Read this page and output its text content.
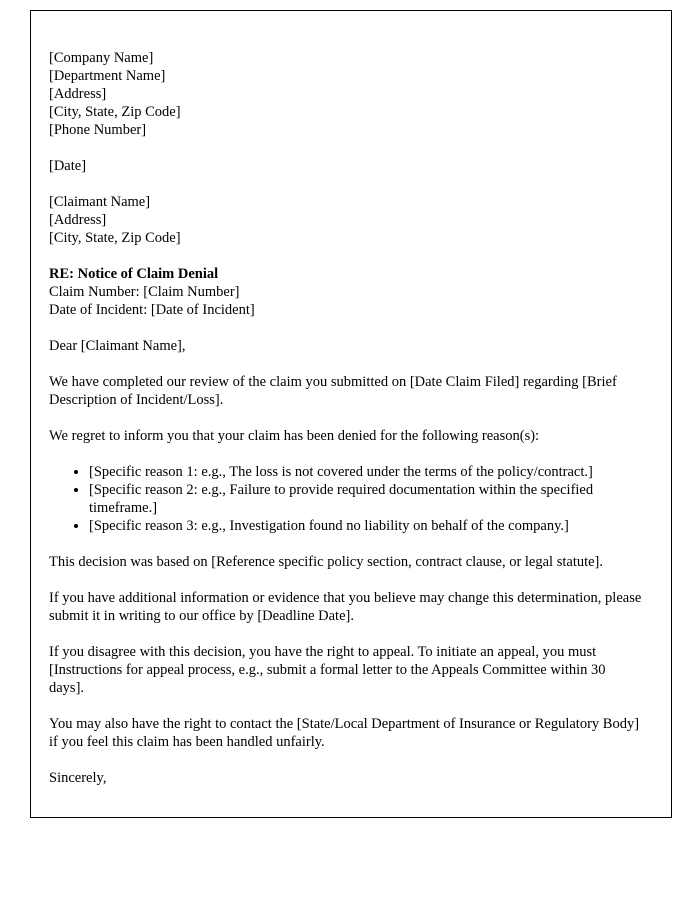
[Company Name]
[Department Name]
[Address]
[City, State, Zip Code]
[Phone Number]
[Date]
[Claimant Name]
[Address]
[City, State, Zip Code]
RE: Notice of Claim Denial
Claim Number: [Claim Number]
Date of Incident: [Date of Incident]
Dear [Claimant Name],
We have completed our review of the claim you submitted on [Date Claim Filed] regarding [Brief Description of Incident/Loss].
We regret to inform you that your claim has been denied for the following reason(s):
• [Specific reason 1: e.g., The loss is not covered under the terms of the policy/contract.]
• [Specific reason 2: e.g., Failure to provide required documentation within the specified timeframe.]
• [Specific reason 3: e.g., Investigation found no liability on behalf of the company.]
This decision was based on [Reference specific policy section, contract clause, or legal statute].
If you have additional information or evidence that you believe may change this determination, please submit it in writing to our office by [Deadline Date].
If you disagree with this decision, you have the right to appeal. To initiate an appeal, you must [Instructions for appeal process, e.g., submit a formal letter to the Appeals Committee within 30 days].
You may also have the right to contact the [State/Local Department of Insurance or Regulatory Body] if you feel this claim has been handled unfairly.
Sincerely,
